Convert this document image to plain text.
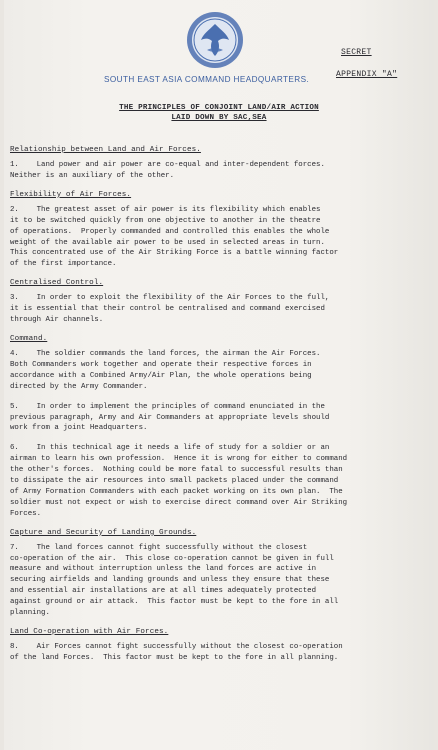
SOUTH EAST ASIA COMMAND HEADQUARTERS.
SECRET
APPENDIX "A"
THE PRINCIPLES OF CONJOINT LAND/AIR ACTION
LAID DOWN BY SAC,SEA
Relationship between Land and Air Forces.
1.    Land power and air power are co-equal and inter-dependent forces.
Neither is an auxiliary of the other.
Flexibility of Air Forces.
2.    The greatest asset of air power is its flexibility which enables
it to be switched quickly from one objective to another in the theatre
of operations.  Properly commanded and controlled this enables the whole
weight of the available air power to be used in selected areas in turn.
This concentrated use of the Air Striking Force is a battle winning factor
of the first importance.
Centralised Control.
3.    In order to exploit the flexibility of the Air Forces to the full,
it is essential that their control be centralised and command exercised
through Air channels.
Command.
4.    The soldier commands the land forces, the airman the Air Forces.
Both Commanders work together and operate their respective forces in
accordance with a Combined Army/Air Plan, the whole operations being
directed by the Army Commander.
5.    In order to implement the principles of command enunciated in the
previous paragraph, Army and Air Commanders at appropriate levels should
work from a joint Headquarters.
6.    In this technical age it needs a life of study for a soldier or an
airman to learn his own profession.  Hence it is wrong for either to command
the other's forces.  Nothing could be more fatal to successful results than
to dissipate the air resources into small packets placed under the command
of Army Formation Commanders with each packet working on its own plan.  The
soldier must not expect or wish to exercise direct command over Air Striking
Forces.
Capture and Security of Landing Grounds.
7.    The land forces cannot fight successfully without the closest
co-operation of the air.  This close co-operation cannot be given in full
measure and without interruption unless the land forces are active in
securing airfields and landing grounds and unless they ensure that these
and essential air installations are at all times adequately protected
against ground or air attack.  This factor must be kept to the fore in all
planning.
Land Co-operation with Air Forces.
8.    Air Forces cannot fight successfully without the closest co-operation
of the land Forces.  This factor must be kept to the fore in all planning.
